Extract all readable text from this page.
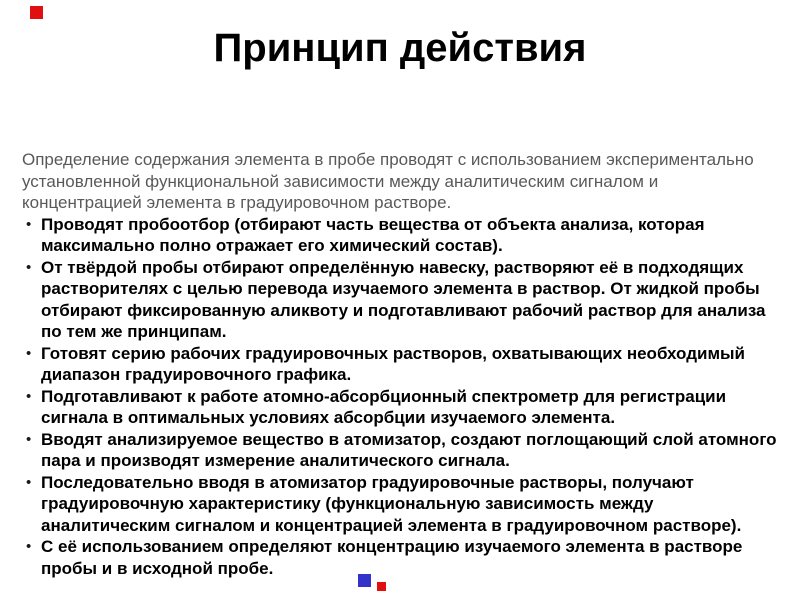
Принцип действия

Определение содержания элемента в пробе проводят с использованием экспериментально установленной функциональной зависимости между аналитическим сигналом и концентрацией элемента в градуировочном растворе.

• Проводят пробоотбор (отбирают часть вещества от объекта анализа, которая максимально полно отражает его химический состав).
• От твёрдой пробы отбирают определённую навеску, растворяют её в подходящих растворителях с целью перевода изучаемого элемента в раствор. От жидкой пробы отбирают фиксированную аликвоту и подготавливают рабочий раствор для анализа по тем же принципам.
• Готовят серию рабочих градуировочных растворов, охватывающих необходимый диапазон градуировочного графика.
• Подготавливают к работе атомно-абсорбционный спектрометр для регистрации сигнала в оптимальных условиях абсорбции изучаемого элемента.
• Вводят анализируемое вещество в атомизатор, создают поглощающий слой атомного пара и производят измерение аналитического сигнала.
• Последовательно вводя в атомизатор градуировочные растворы, получают градуировочную характеристику (функциональную зависимость между аналитическим сигналом и концентрацией элемента в градуировочном растворе).
• С её использованием определяют концентрацию изучаемого элемента в растворе пробы и в исходной пробе.
